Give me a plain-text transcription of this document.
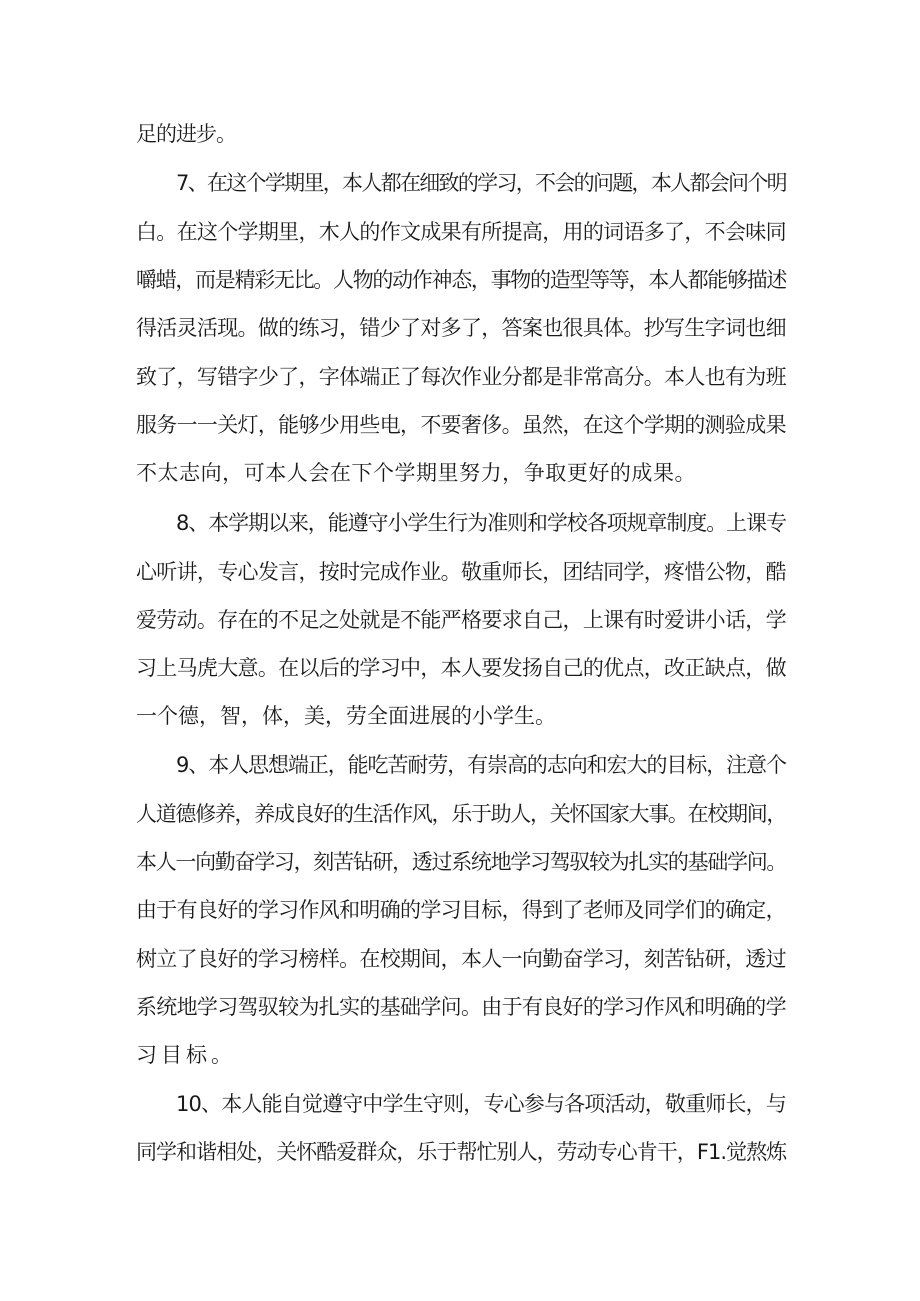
足的进步。
7、在这个学期里，本人都在细致的学习，不会的问题，本人都会问个明
白。在这个学期里，木人的作文成果有所提高，用的词语多了，不会味同
嚼蜡，而是精彩无比。人物的动作神态，事物的造型等等，本人都能够描述
得活灵活现。做的练习，错少了对多了，答案也很具体。抄写生字词也细
致了，写错字少了，字体端正了每次作业分都是非常高分。本人也有为班
服务一一关灯，能够少用些电，不要奢侈。虽然，在这个学期的测验成果
不太志向，可本人会在下个学期里努力，争取更好的成果。
8、本学期以来，能遵守小学生行为准则和学校各项规章制度。上课专
心听讲，专心发言，按时完成作业。敬重师长，团结同学，疼惜公物，酷
爱劳动。存在的不足之处就是不能严格要求自己，上课有时爱讲小话，学
习上马虎大意。在以后的学习中，本人要发扬自己的优点，改正缺点，做
一个德，智，体，美，劳全面进展的小学生。
9、本人思想端正，能吃苦耐劳，有崇高的志向和宏大的目标，注意个
人道德修养，养成良好的生活作风，乐于助人，关怀国家大事。在校期间，
本人一向勤奋学习，刻苦钻研，透过系统地学习驾驭较为扎实的基础学问。
由于有良好的学习作风和明确的学习目标，得到了老师及同学们的确定，
树立了良好的学习榜样。在校期间，本人一向勤奋学习，刻苦钻研，透过
系统地学习驾驭较为扎实的基础学问。由于有良好的学习作风和明确的学
习目标。
10、本人能自觉遵守中学生守则，专心参与各项活动，敬重师长，与
同学和谐相处，关怀酷爱群众，乐于帮忙别人，劳动专心肯干，F1.觉熬炼
